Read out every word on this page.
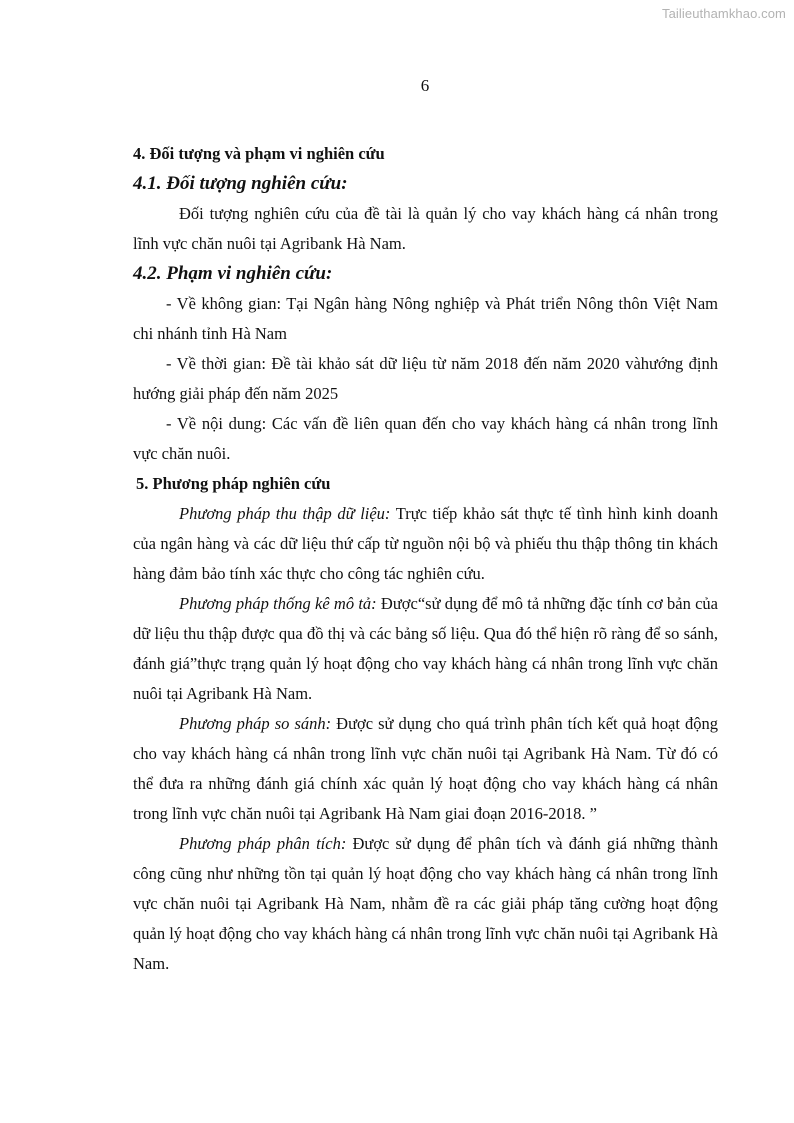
Tailieuthamkhao.com
6

4. Đối tượng và phạm vi nghiên cứu

4.1. Đối tượng nghiên cứu:

Đối tượng nghiên cứu của đề tài là quản lý cho vay khách hàng cá nhân trong lĩnh vực chăn nuôi tại Agribank Hà Nam.

4.2. Phạm vi nghiên cứu:

- Về không gian: Tại Ngân hàng Nông nghiệp và Phát triển Nông thôn Việt Nam chi nhánh tỉnh Hà Nam

- Về thời gian: Đề tài khảo sát dữ liệu từ năm 2018 đến năm 2020 vàhướng định hướng giải pháp đến năm 2025

- Về nội dung: Các vấn đề liên quan đến cho vay khách hàng cá nhân trong lĩnh vực chăn nuôi.

5. Phương pháp nghiên cứu

Phương pháp thu thập dữ liệu: Trực tiếp khảo sát thực tế tình hình kinh doanh của ngân hàng và các dữ liệu thứ cấp từ nguồn nội bộ và phiếu thu thập thông tin khách hàng đảm bảo tính xác thực cho công tác nghiên cứu.

Phương pháp thống kê mô tả: Được“sử dụng để mô tả những đặc tính cơ bản của dữ liệu thu thập được qua đồ thị và các bảng số liệu. Qua đó thể hiện rõ ràng để so sánh, đánh giá”thực trạng quản lý hoạt động cho vay khách hàng cá nhân trong lĩnh vực chăn nuôi tại Agribank Hà Nam.

Phương pháp so sánh: Được sử dụng cho quá trình phân tích kết quả hoạt động cho vay khách hàng cá nhân trong lĩnh vực chăn nuôi tại Agribank Hà Nam. Từ đó có thể đưa ra những đánh giá chính xác quản lý hoạt động cho vay khách hàng cá nhân trong lĩnh vực chăn nuôi tại Agribank Hà Nam giai đoạn 2016-2018. ”

Phương pháp phân tích: Được sử dụng để phân tích và đánh giá những thành công cũng như những tồn tại quản lý hoạt động cho vay khách hàng cá nhân trong lĩnh vực chăn nuôi tại Agribank Hà Nam, nhằm đề ra các giải pháp tăng cường hoạt động quản lý hoạt động cho vay khách hàng cá nhân trong lĩnh vực chăn nuôi tại Agribank Hà Nam.
